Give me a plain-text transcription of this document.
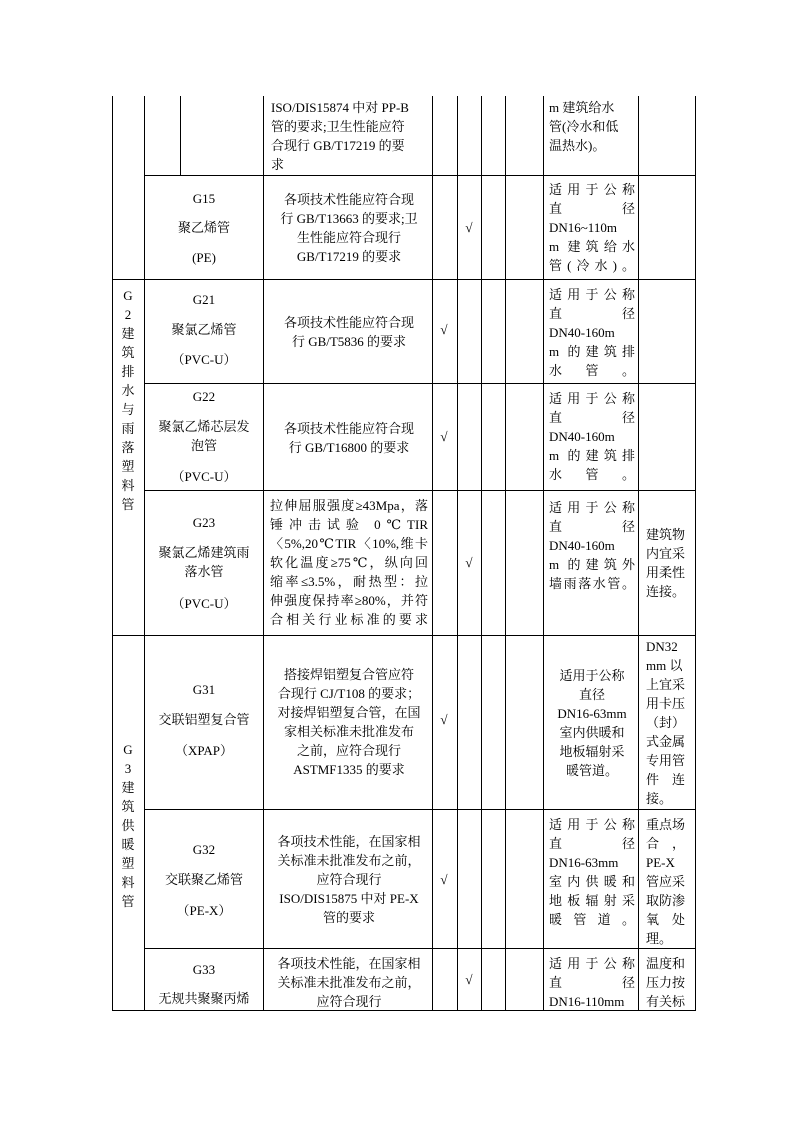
G
2
建
筑
排
水
与
雨
落
塑
料
管
G
3
建
筑
供
暖
塑
料
管
ISO/DIS15874 中对 PP-B
管的要求;卫生性能应符
合现行 GB/T17219 的要
求
m 建筑给水
管(冷水和低
温热水)。
G15
聚乙烯管
(PE)
各项技术性能应符合现
行 GB/T13663 的要求;卫
生性能应符合现行
GB/T17219 的要求
√
适用于公称
直　　　径
DN16~110m
m 建筑给水
管(冷水)。
G21
聚氯乙烯管
（PVC-U）
各项技术性能应符合现
行 GB/T5836 的要求
√
适用于公称
直　　　径
DN40-160m
m 的建筑排
水管。
G22
聚氯乙烯芯层发
泡管
（PVC-U）
各项技术性能应符合现
行 GB/T16800 的要求
√
适用于公称
直　　　径
DN40-160m
m 的建筑排
水管。
G23
聚氯乙烯建筑雨
落水管
（PVC-U）
拉伸屈服强度≥43Mpa，落
锤冲击试验 0℃TIR
〈5%,20℃TIR〈10%,维卡
软化温度≥75℃，纵向回
缩率≤3.5%，耐热型：拉
伸强度保持率≥80%，并符
合相关行业标准的要求
√
适用于公称
直　　　径
DN40-160m
m 的建筑外
墙雨落水管。
建筑物
内宜采
用柔性
连接。
G31
交联铝塑复合管
（XPAP）
搭接焊铝塑复合管应符
合现行 CJ/T108 的要求；
对接焊铝塑复合管，在国
家相关标准未批准发布
之前，应符合现行
ASTMF1335 的要求
√
适用于公称
直径
DN16-63mm
室内供暖和
地板辐射采
暖管道。
DN32
mm 以
上宜采
用卡压
（封）
式金属
专用管
件　连
接。
G32
交联聚乙烯管
（PE-X）
各项技术性能，在国家相
关标准未批准发布之前，
应符合现行
ISO/DIS15875 中对 PE-X
管的要求
√
适用于公称
直　　　径
DN16-63mm
室内供暖和
地板辐射采
暖管道。
重点场
合　，
PE-X
管应采
取防渗
氧　处
理。
G33
无规共聚聚丙烯
各项技术性能，在国家相
关标准未批准发布之前，
应符合现行
√
适用于公称
直　　　径
DN16-110mm
温度和
压力按
有关标
